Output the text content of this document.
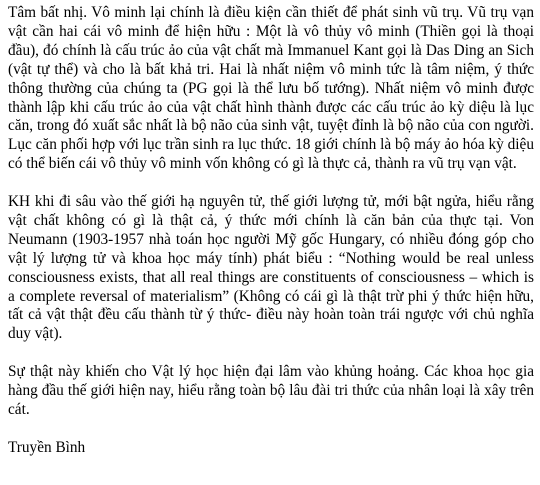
Tâm bất nhị. Vô minh lại chính là điều kiện cần thiết để phát sinh vũ trụ. Vũ trụ vạn vật cần hai cái vô minh để hiện hữu : Một là vô thủy vô minh (Thiền gọi là thoại đầu), đó chính là cấu trúc ảo của vật chất mà Immanuel Kant gọi là Das Ding an Sich (vật tự thể) và cho là bất khả tri. Hai là nhất niệm vô minh tức là tâm niệm, ý thức thông thường của chúng ta (PG gọi là thể lưu bố tướng). Nhất niệm vô minh được thành lập khi cấu trúc ảo của vật chất hình thành được các cấu trúc ảo kỳ diệu là lục căn, trong đó xuất sắc nhất là bộ não của sinh vật, tuyệt đỉnh là bộ não của con người. Lục căn phối hợp với lục trần sinh ra lục thức. 18 giới chính là bộ máy ảo hóa kỳ diệu có thể biến cái vô thủy vô minh vốn không có gì là thực cả, thành ra vũ trụ vạn vật.

KH khi đi sâu vào thế giới hạ nguyên tử, thế giới lượng tử, mới bật ngửa, hiểu rằng vật chất không có gì là thật cả, ý thức mới chính là căn bản của thực tại. Von Neumann (1903-1957 nhà toán học người Mỹ gốc Hungary, có nhiều đóng góp cho vật lý lượng tử và khoa học máy tính) phát biểu : “Nothing would be real unless consciousness exists, that all real things are constituents of consciousness – which is a complete reversal of materialism” (Không có cái gì là thật trừ phi ý thức hiện hữu, tất cả vật thật đều cấu thành từ ý thức- điều này hoàn toàn trái ngược với chủ nghĩa duy vật).

Sự thật này khiến cho Vật lý học hiện đại lâm vào khủng hoảng. Các khoa học gia hàng đầu thế giới hiện nay, hiểu rằng toàn bộ lâu đài tri thức của nhân loại là xây trên cát.

Truyền Bình
